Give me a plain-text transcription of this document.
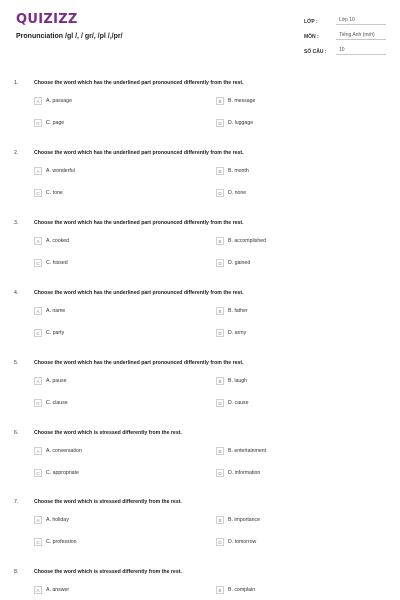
QUIZIZZ
Pronunciation /gl /, / gr/, /pl /,/pr/
LỚP :	Lớp 10
MÔN :	Tiếng Anh (mới)
SỐ CÂU :	10
1.	Choose the word which has the underlined part pronounced differently from the rest.
A	A. passage	B	B. message
C	C. page	D	D. luggage
2.	Choose the word which has the underlined part pronounced differently from the rest.
A	A. wonderful	B	B. month
C	C. tone	D	D. none
3.	Choose the word which has the underlined part pronounced differently from the rest.
A	A. cooked	B	B. accomplished
C	C. hissed	D	D. gained
4.	Choose the word which has the underlined part pronounced differently from the rest.
A	A. name	B	B. father
C	C. party	D	D. army
5.	Choose the word which has the underlined part pronounced differently from the rest.
A	A. pause	B	B. laugh
C	C. clause	D	D. cause
6.	Choose the word which is stressed differently from the rest.
A	A. conversation	B	B. entertainment
C	C. appropriate	D	D. information
7.	Choose the word which is stressed differently from the rest.
A	A. holiday	B	B. importance
C	C. profession	D	D. tomorrow
8.	Choose the word which is stressed differently from the rest.
A	A. answer	B	B. complain
